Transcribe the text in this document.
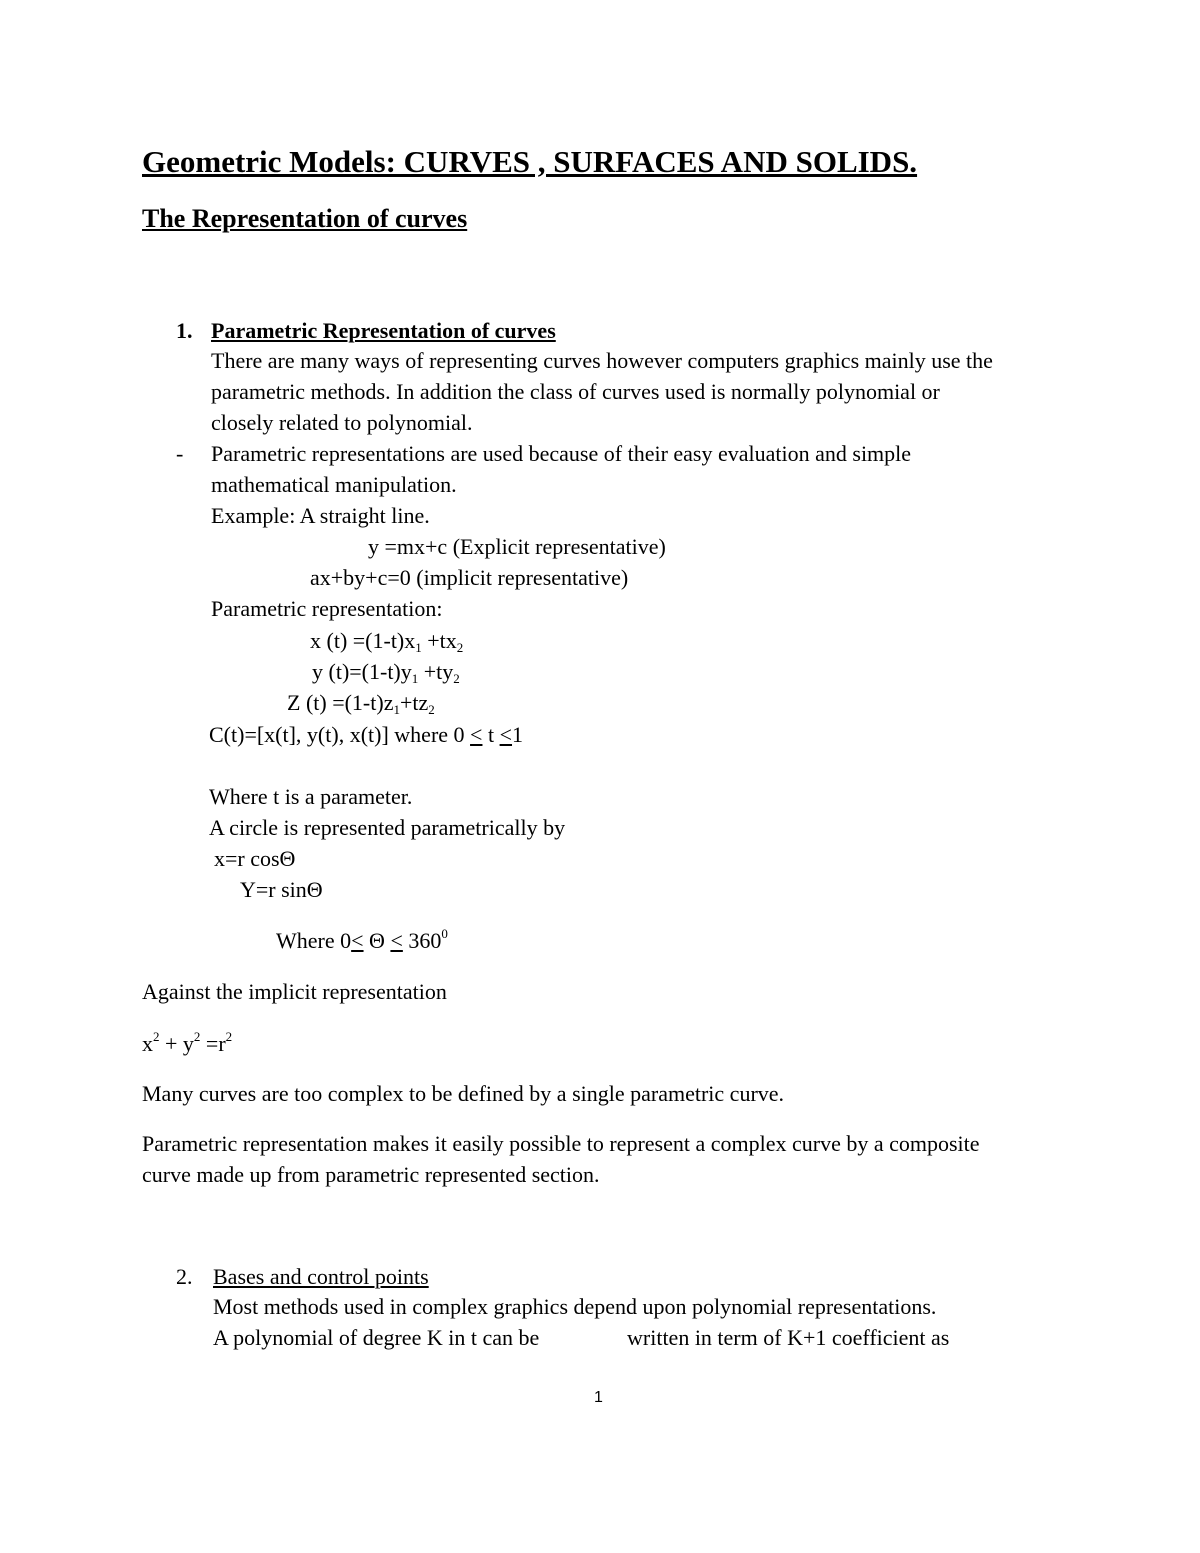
Geometric Models: CURVES , SURFACES AND SOLIDS.
The Representation of curves
1. Parametric Representation of curves
There are many ways of representing curves however computers graphics mainly use the
parametric methods. In addition the class of curves used is normally polynomial or
closely related to polynomial.
- Parametric representations are used because of their easy evaluation and simple
mathematical manipulation.
Example: A straight line.
y =mx+c (Explicit representative)
ax+by+c=0 (implicit representative)
Parametric representation:
x $(t) =(1-t)x_1 +tx_2$
y $(t)=(1-t)y_1 +ty_2$
Z $(t) =(1-t)z_1+tz_2$
C(t)=[x(t], y(t), x(t)] where 0 < t <1
Where t is a parameter.
A circle is represented parametrically by
x=r cosΘ
Y=r sinΘ
Where $0< \Theta < 360^0$
Against the implicit representation
$x^2 + y^2 =r^2$
Many curves are too complex to be defined by a single parametric curve.
Parametric representation makes it easily possible to represent a complex curve by a composite
curve made up from parametric represented section.
2. Bases and control points
Most methods used in complex graphics depend upon polynomial representations.
A polynomial of degree K in t can be	written in term of K+1 coefficient as
1
